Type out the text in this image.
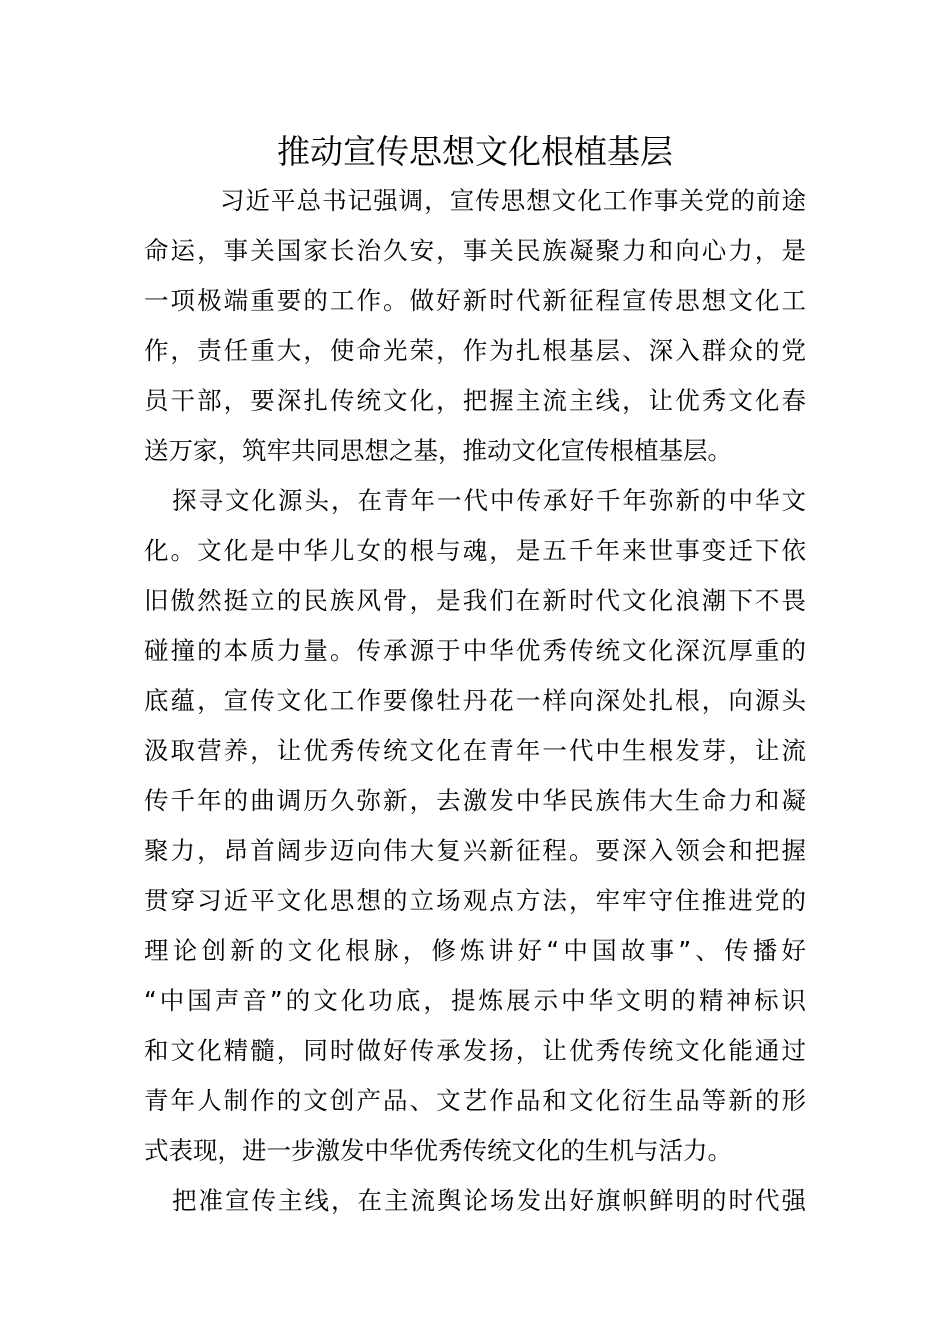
推动宣传思想文化根植基层
习近平总书记强调，宣传思想文化工作事关党的前途
命运，事关国家长治久安，事关民族凝聚力和向心力，是
一项极端重要的工作。做好新时代新征程宣传思想文化工
作，责任重大，使命光荣，作为扎根基层、深入群众的党
员干部，要深扎传统文化，把握主流主线，让优秀文化春
送万家，筑牢共同思想之基，推动文化宣传根植基层。
探寻文化源头，在青年一代中传承好千年弥新的中华文
化。文化是中华儿女的根与魂，是五千年来世事变迁下依
旧傲然挺立的民族风骨，是我们在新时代文化浪潮下不畏
碰撞的本质力量。传承源于中华优秀传统文化深沉厚重的
底蕴，宣传文化工作要像牡丹花一样向深处扎根，向源头
汲取营养，让优秀传统文化在青年一代中生根发芽，让流
传千年的曲调历久弥新，去激发中华民族伟大生命力和凝
聚力，昂首阔步迈向伟大复兴新征程。要深入领会和把握
贯穿习近平文化思想的立场观点方法，牢牢守住推进党的
理论创新的文化根脉，修炼讲好“中国故事”、传播好
“中国声音”的文化功底，提炼展示中华文明的精神标识
和文化精髓，同时做好传承发扬，让优秀传统文化能通过
青年人制作的文创产品、文艺作品和文化衍生品等新的形
式表现，进一步激发中华优秀传统文化的生机与活力。
把准宣传主线，在主流舆论场发出好旗帜鲜明的时代强
